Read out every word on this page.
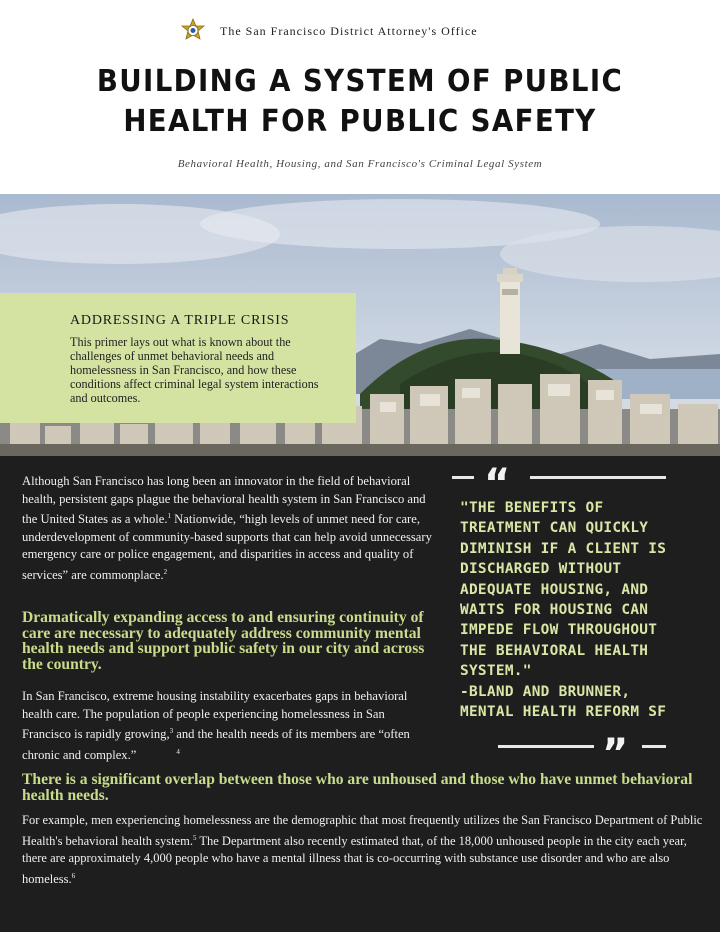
The San Francisco District Attorney's Office
BUILDING A SYSTEM OF PUBLIC
HEALTH FOR PUBLIC SAFETY
Behavioral Health, Housing, and San Francisco's Criminal Legal System
ADDRESSING A TRIPLE CRISIS
This primer lays out what is known about the challenges of unmet behavioral needs and homelessness in San Francisco, and how these conditions affect criminal legal system interactions and outcomes.
Although San Francisco has long been an innovator in the field of behavioral health, persistent gaps plague the behavioral health system in San Francisco and the United States as a whole.$^1$ Nationwide, “high levels of unmet need for care, underdevelopment of community-based supports that can help avoid unnecessary emergency care or police engagement, and disparities in access and quality of services” are commonplace.$^2$
Dramatically expanding access to and ensuring continuity of care are necessary to adequately address community mental health needs and support public safety in our city and across the country.
In San Francisco, extreme housing instability exacerbates gaps in behavioral health care. The population of people experiencing homelessness in San Francisco is rapidly growing,$^3$ and the health needs of its members are “often chronic and complex.”	$^4$
There is a significant overlap between those who are unhoused and those who have unmet behavioral health needs.
For example, men experiencing homelessness are the demographic that most frequently utilizes the San Francisco Department of Public Health's behavioral health system.$^5$ The Department also recently estimated that, of the 18,000 unhoused people in the city each year, there are approximately 4,000 people who have a mental illness that is co-occurring with substance use disorder and who are also homeless.$^6$
“
"THE BENEFITS OF TREATMENT CAN QUICKLY DIMINISH IF A CLIENT IS DISCHARGED WITHOUT ADEQUATE HOUSING, AND WAITS FOR HOUSING CAN IMPEDE FLOW THROUGHOUT THE BEHAVIORAL HEALTH SYSTEM."
-BLAND AND BRUNNER, MENTAL HEALTH REFORM SF
”
